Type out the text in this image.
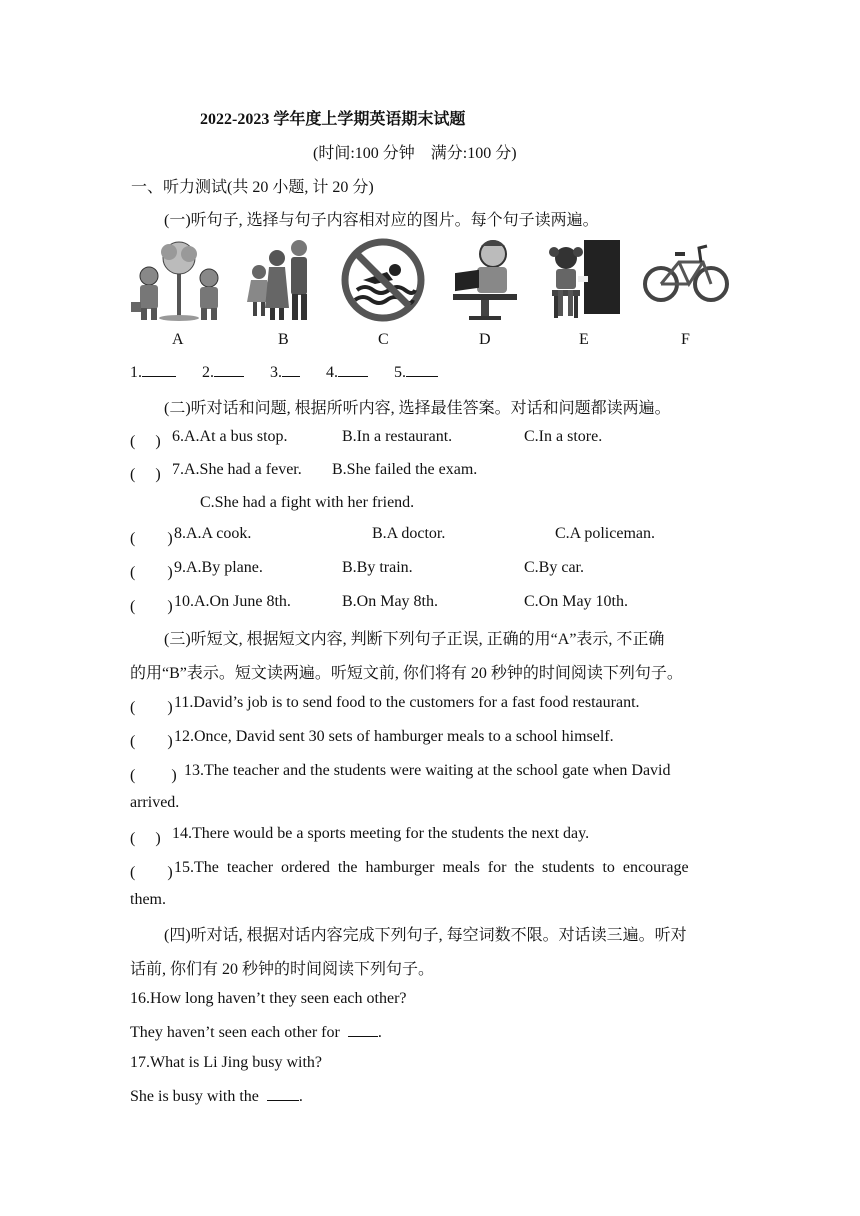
2022-2023 学年度上学期英语期末试题
(时间:100 分钟　满分:100 分)
一、听力测试(共 20 小题, 计 20 分)
(一)听句子, 选择与句子内容相对应的图片。每个句子读两遍。
A	B	C	D	E	F
1.	2.	3.	4.	5.
(二)听对话和问题, 根据所听内容, 选择最佳答案。对话和问题都读两遍。
(　 ) 6.A.At a bus stop.	B.In a restaurant.	C.In a store.
(　 ) 7.A.She had a fever. B.She failed the exam.
C.She had a fight with her friend.
(　　) 8.A.A cook.	B.A doctor.	C.A policeman.
(　　) 9.A.By plane.	B.By train.	C.By car.
(　　) 10.A.On June 8th.	B.On May 8th.	C.On May 10th.
(三)听短文, 根据短文内容, 判断下列句子正误, 正确的用“A”表示, 不正确
的用“B”表示。短文读两遍。听短文前, 你们将有 20 秒钟的时间阅读下列句子。
(　　) 11.David’s job is to send food to the customers for a fast food restaurant.
(　　) 12.Once, David sent 30 sets of hamburger meals to a school himself.
(　　 ) 13.The teacher and the students were waiting at the school gate when David
arrived.
(　 ) 14.There would be a sports meeting for the students the next day.
(　　) 15.The teacher ordered the hamburger meals for the students to encourage
them.
(四)听对话, 根据对话内容完成下列句子, 每空词数不限。对话读三遍。听对
话前, 你们有 20 秒钟的时间阅读下列句子。
16.How long haven’t they seen each other?
They haven’t seen each other for .
17.What is Li Jing busy with?
She is busy with the	.
